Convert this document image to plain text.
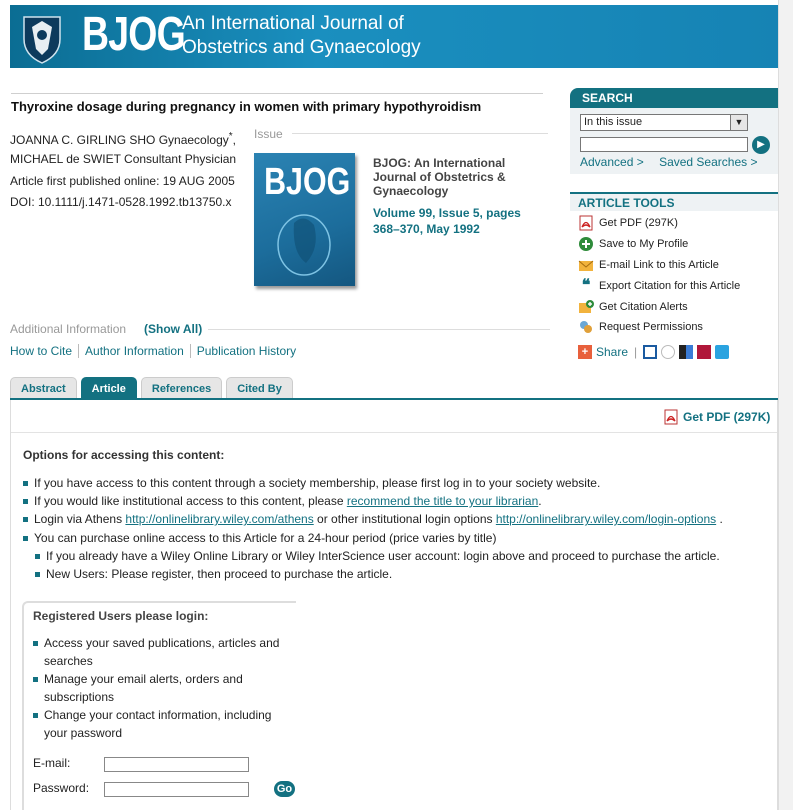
BJOG
An International Journal of
Obstetrics and Gynaecology
Thyroxine dosage during pregnancy in women with primary hypothyroidism
JOANNA C. GIRLING SHO Gynaecology*,
MICHAEL de SWIET Consultant Physician
Article first published online: 19 AUG 2005
DOI: 10.1111/j.1471-0528.1992.tb13750.x
Issue
BJOG BJOG: An International Journal of Obstetrics & Gynaecology
Volume 99, Issue 5, pages 368–370, May 1992
Additional Information (Show All)
How to Cite	Author Information	Publication History
Abstract	Article	References	Cited By
Get PDF (297K)
Options for accessing this content:
If you have access to this content through a society membership, please first log in to your society website.
If you would like institutional access to this content, please recommend the title to your librarian.
Login via Athens http://onlinelibrary.wiley.com/athens or other institutional login options http://onlinelibrary.wiley.com/login-options .
You can purchase online access to this Article for a 24-hour period (price varies by title)
If you already have a Wiley Online Library or Wiley InterScience user account: login above and proceed to purchase the article.
New Users: Please register, then proceed to purchase the article.
Registered Users please login:
Access your saved publications, articles and searches
Manage your email alerts, orders and subscriptions
Change your contact information, including your password
E-mail:
Password:	Go
SEARCH
In this issue	▼
▶
Advanced > Saved Searches >
ARTICLE TOOLS
Get PDF (297K)
Save to My Profile
E-mail Link to this Article
❝ Export Citation for this Article
Get Citation Alerts
Request Permissions
+ Share |
